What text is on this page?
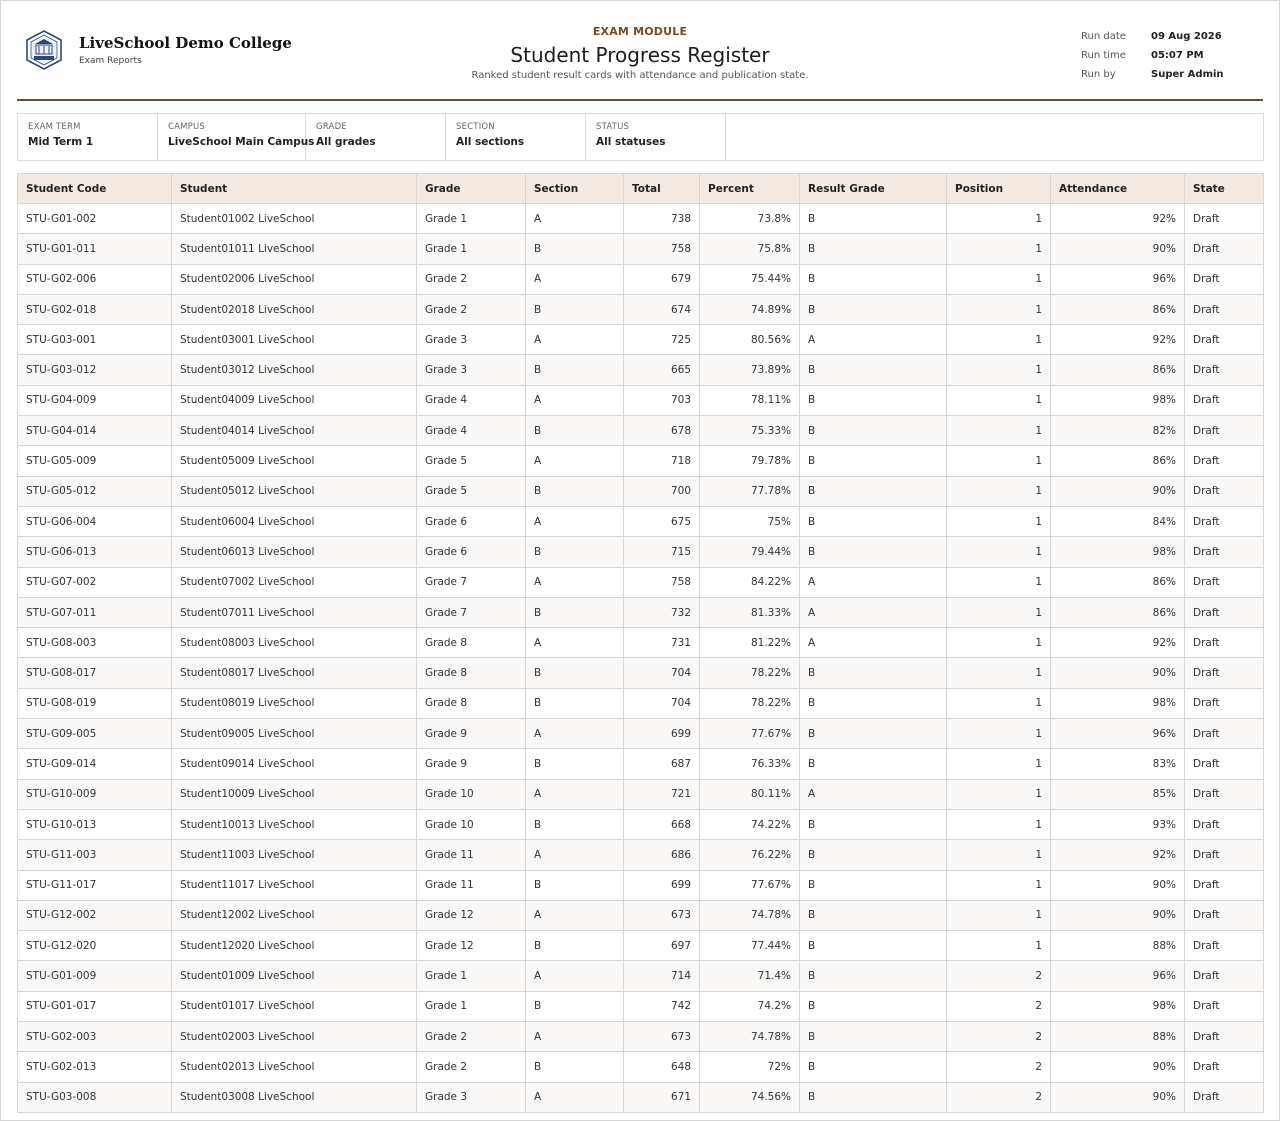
LiveSchool Demo College
Exam Reports
EXAM MODULE
Student Progress Register
Ranked student result cards with attendance and publication state.
Run date	09 Aug 2026
Run time	05:07 PM
Run by	Super Admin
EXAM TERM
Mid Term 1
CAMPUS
LiveSchool Main Campus
GRADE
All grades
SECTION
All sections
STATUS
All statuses
Student Code	Student	Grade	Section	Total	Percent	Result Grade	Position	Attendance	State
STU-G01-002	Student01002 LiveSchool	Grade 1	A	738	73.8%	B	1	92%	Draft
STU-G01-011	Student01011 LiveSchool	Grade 1	B	758	75.8%	B	1	90%	Draft
STU-G02-006	Student02006 LiveSchool	Grade 2	A	679	75.44%	B	1	96%	Draft
STU-G02-018	Student02018 LiveSchool	Grade 2	B	674	74.89%	B	1	86%	Draft
STU-G03-001	Student03001 LiveSchool	Grade 3	A	725	80.56%	A	1	92%	Draft
STU-G03-012	Student03012 LiveSchool	Grade 3	B	665	73.89%	B	1	86%	Draft
STU-G04-009	Student04009 LiveSchool	Grade 4	A	703	78.11%	B	1	98%	Draft
STU-G04-014	Student04014 LiveSchool	Grade 4	B	678	75.33%	B	1	82%	Draft
STU-G05-009	Student05009 LiveSchool	Grade 5	A	718	79.78%	B	1	86%	Draft
STU-G05-012	Student05012 LiveSchool	Grade 5	B	700	77.78%	B	1	90%	Draft
STU-G06-004	Student06004 LiveSchool	Grade 6	A	675	75%	B	1	84%	Draft
STU-G06-013	Student06013 LiveSchool	Grade 6	B	715	79.44%	B	1	98%	Draft
STU-G07-002	Student07002 LiveSchool	Grade 7	A	758	84.22%	A	1	86%	Draft
STU-G07-011	Student07011 LiveSchool	Grade 7	B	732	81.33%	A	1	86%	Draft
STU-G08-003	Student08003 LiveSchool	Grade 8	A	731	81.22%	A	1	92%	Draft
STU-G08-017	Student08017 LiveSchool	Grade 8	B	704	78.22%	B	1	90%	Draft
STU-G08-019	Student08019 LiveSchool	Grade 8	B	704	78.22%	B	1	98%	Draft
STU-G09-005	Student09005 LiveSchool	Grade 9	A	699	77.67%	B	1	96%	Draft
STU-G09-014	Student09014 LiveSchool	Grade 9	B	687	76.33%	B	1	83%	Draft
STU-G10-009	Student10009 LiveSchool	Grade 10	A	721	80.11%	A	1	85%	Draft
STU-G10-013	Student10013 LiveSchool	Grade 10	B	668	74.22%	B	1	93%	Draft
STU-G11-003	Student11003 LiveSchool	Grade 11	A	686	76.22%	B	1	92%	Draft
STU-G11-017	Student11017 LiveSchool	Grade 11	B	699	77.67%	B	1	90%	Draft
STU-G12-002	Student12002 LiveSchool	Grade 12	A	673	74.78%	B	1	90%	Draft
STU-G12-020	Student12020 LiveSchool	Grade 12	B	697	77.44%	B	1	88%	Draft
STU-G01-009	Student01009 LiveSchool	Grade 1	A	714	71.4%	B	2	96%	Draft
STU-G01-017	Student01017 LiveSchool	Grade 1	B	742	74.2%	B	2	98%	Draft
STU-G02-003	Student02003 LiveSchool	Grade 2	A	673	74.78%	B	2	88%	Draft
STU-G02-013	Student02013 LiveSchool	Grade 2	B	648	72%	B	2	90%	Draft
STU-G03-008	Student03008 LiveSchool	Grade 3	A	671	74.56%	B	2	90%	Draft
